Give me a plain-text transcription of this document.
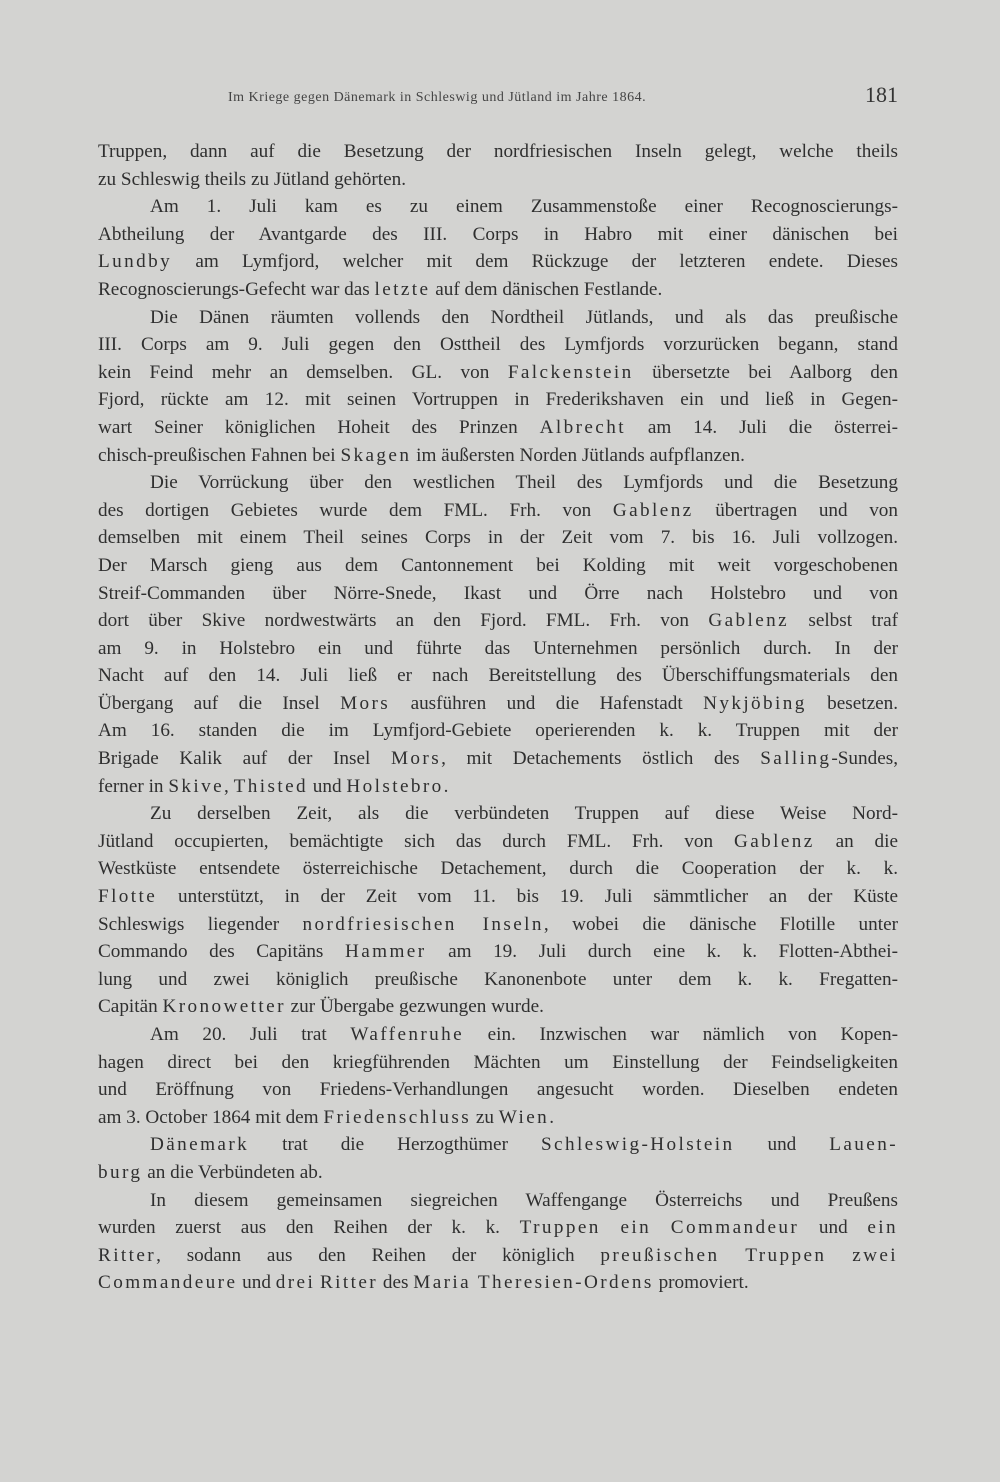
Im Kriege gegen Dänemark in Schleswig und Jütland im Jahre 1864.	181
Truppen, dann auf die Besetzung der nordfriesischen Inseln gelegt, welche theils
zu Schleswig theils zu Jütland gehörten.
Am 1. Juli kam es zu einem Zusammenstoße einer Recognoscierungs-
Abtheilung der Avantgarde des III. Corps in Habro mit einer dänischen bei
Lundby am Lymfjord, welcher mit dem Rückzuge der letzteren endete. Dieses
Recognoscierungs-Gefecht war das letzte auf dem dänischen Festlande.
Die Dänen räumten vollends den Nordtheil Jütlands, und als das preußische
III. Corps am 9. Juli gegen den Osttheil des Lymfjords vorzurücken begann, stand
kein Feind mehr an demselben. GL. von Falckenstein übersetzte bei Aalborg den
Fjord, rückte am 12. mit seinen Vortruppen in Frederikshaven ein und ließ in Gegen-
wart Seiner königlichen Hoheit des Prinzen Albrecht am 14. Juli die österrei-
chisch-preußischen Fahnen bei Skagen im äußersten Norden Jütlands aufpflanzen.
Die Vorrückung über den westlichen Theil des Lymfjords und die Besetzung
des dortigen Gebietes wurde dem FML. Frh. von Gablenz übertragen und von
demselben mit einem Theil seines Corps in der Zeit vom 7. bis 16. Juli vollzogen.
Der Marsch gieng aus dem Cantonnement bei Kolding mit weit vorgeschobenen
Streif-Commanden über Nörre-Snede, Ikast und Örre nach Holstebro und von
dort über Skive nordwestwärts an den Fjord. FML. Frh. von Gablenz selbst traf
am 9. in Holstebro ein und führte das Unternehmen persönlich durch. In der
Nacht auf den 14. Juli ließ er nach Bereitstellung des Überschiffungsmaterials den
Übergang auf die Insel Mors ausführen und die Hafenstadt Nykjöbing besetzen.
Am 16. standen die im Lymfjord-Gebiete operierenden k. k. Truppen mit der
Brigade Kalik auf der Insel Mors, mit Detachements östlich des Salling-Sundes,
ferner in Skive, Thisted und Holstebro.
Zu derselben Zeit, als die verbündeten Truppen auf diese Weise Nord-
Jütland occupierten, bemächtigte sich das durch FML. Frh. von Gablenz an die
Westküste entsendete österreichische Detachement, durch die Cooperation der k. k.
Flotte unterstützt, in der Zeit vom 11. bis 19. Juli sämmtlicher an der Küste
Schleswigs liegender nordfriesischen Inseln, wobei die dänische Flotille unter
Commando des Capitäns Hammer am 19. Juli durch eine k. k. Flotten-Abthei-
lung und zwei königlich preußische Kanonenbote unter dem k. k. Fregatten-
Capitän Kronowetter zur Übergabe gezwungen wurde.
Am 20. Juli trat Waffenruhe ein. Inzwischen war nämlich von Kopen-
hagen direct bei den kriegführenden Mächten um Einstellung der Feindseligkeiten
und Eröffnung von Friedens-Verhandlungen angesucht worden. Dieselben endeten
am 3. October 1864 mit dem Friedenschluss zu Wien.
Dänemark trat die Herzogthümer Schleswig-Holstein und Lauen-
burg an die Verbündeten ab.
In diesem gemeinsamen siegreichen Waffengange Österreichs und Preußens
wurden zuerst aus den Reihen der k. k. Truppen ein Commandeur und ein
Ritter, sodann aus den Reihen der königlich preußischen Truppen zwei
Commandeure und drei Ritter des Maria Theresien-Ordens promoviert.
